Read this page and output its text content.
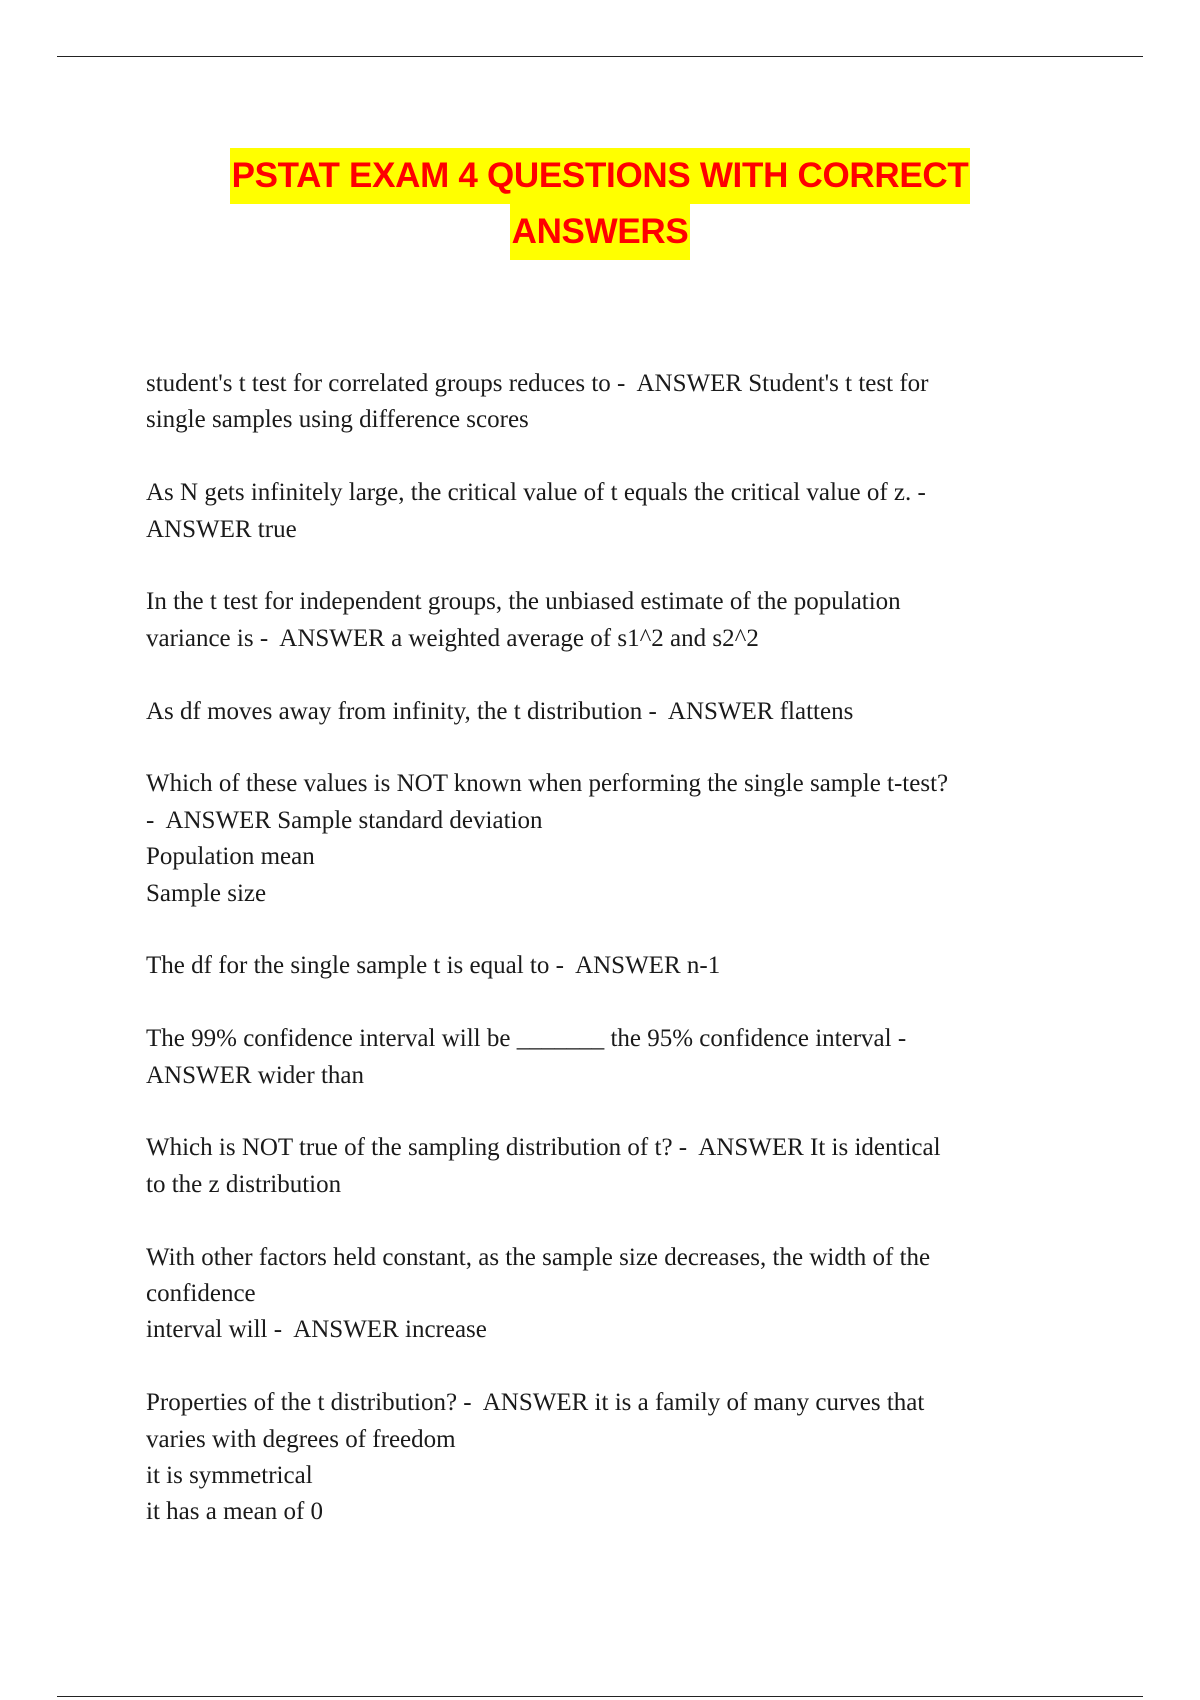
PSTAT EXAM 4 QUESTIONS WITH CORRECT
ANSWERS
student's t test for correlated groups reduces to -  ANSWER Student's t test for
single samples using difference scores
As N gets infinitely large, the critical value of t equals the critical value of z. -
ANSWER true
In the t test for independent groups, the unbiased estimate of the population
variance is -  ANSWER a weighted average of s1^2 and s2^2
As df moves away from infinity, the t distribution -  ANSWER flattens
Which of these values is NOT known when performing the single sample t-test?
-  ANSWER Sample standard deviation
Population mean
Sample size
The df for the single sample t is equal to -  ANSWER n-1
The 99% confidence interval will be _______ the 95% confidence interval -
ANSWER wider than
Which is NOT true of the sampling distribution of t? -  ANSWER It is identical
to the z distribution
With other factors held constant, as the sample size decreases, the width of the
confidence
interval will -  ANSWER increase
Properties of the t distribution? -  ANSWER it is a family of many curves that
varies with degrees of freedom
it is symmetrical
it has a mean of 0
